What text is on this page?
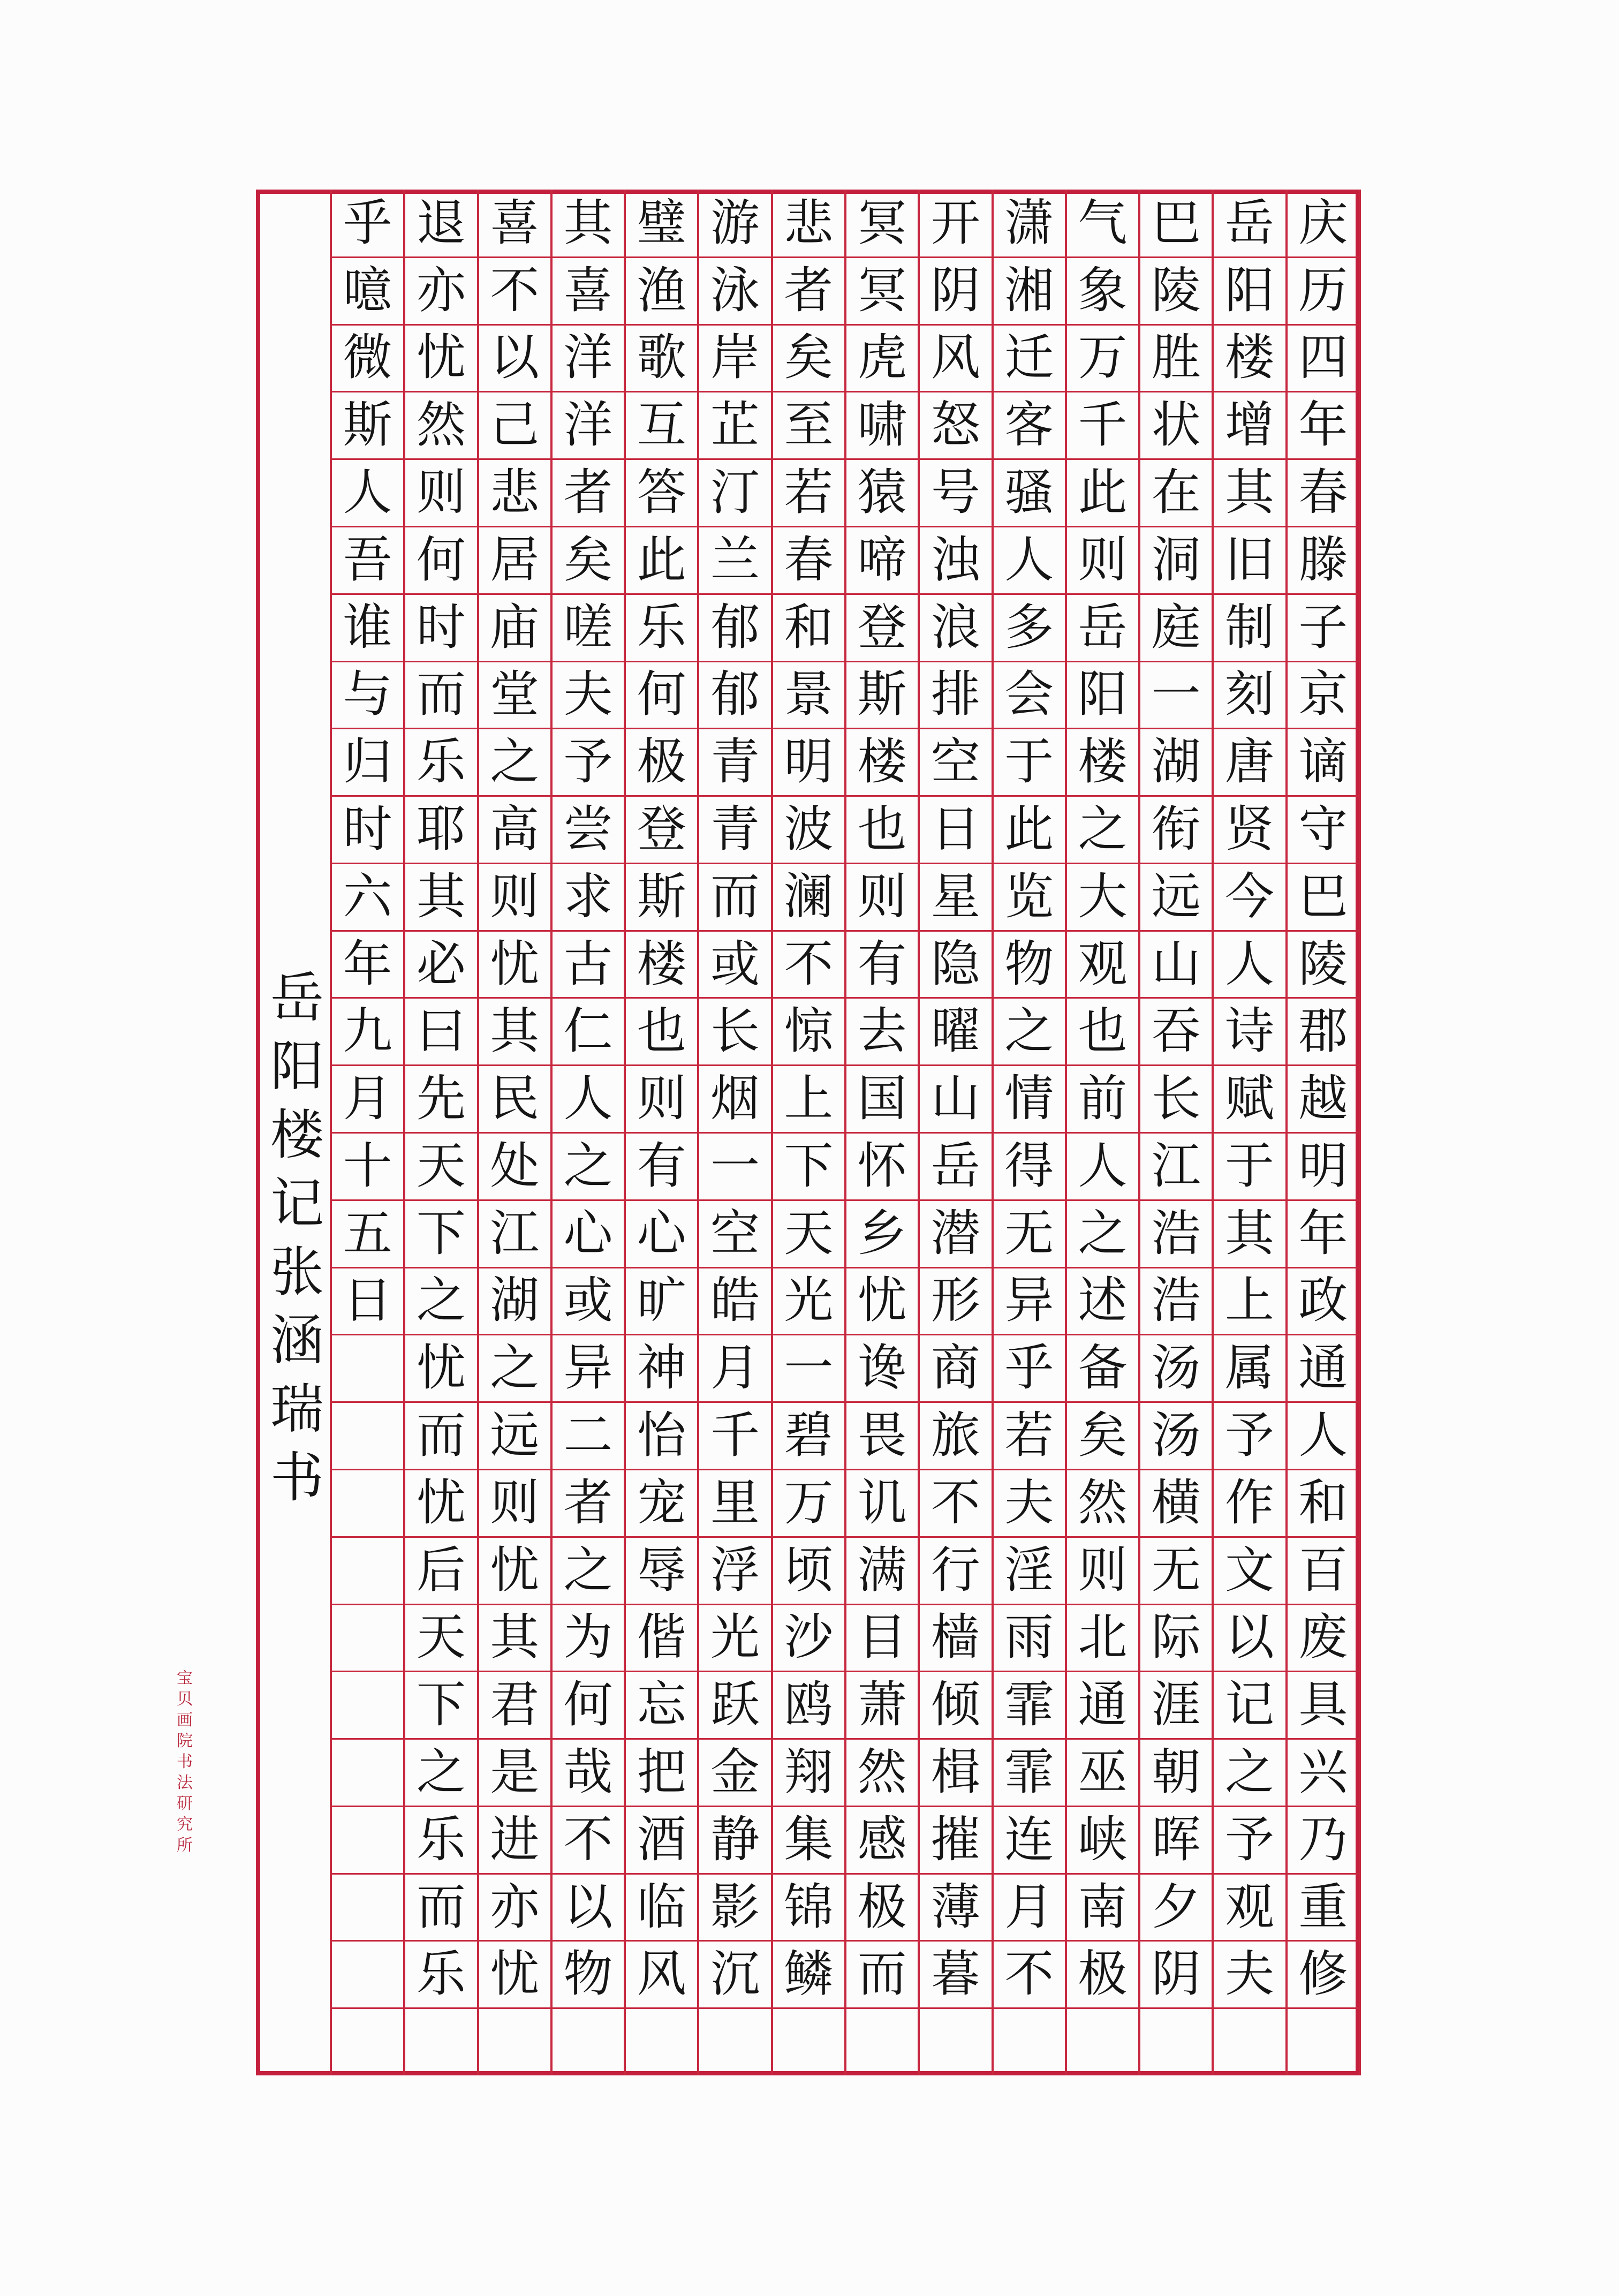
庆
历
四
年
春
滕
子
京
谪
守
巴
陵
郡
越
明
年
政
通
人
和
百
废
具
兴
乃
重
修
岳
阳
楼
增
其
旧
制
刻
唐
贤
今
人
诗
赋
于
其
上
属
予
作
文
以
记
之
予
观
夫
巴
陵
胜
状
在
洞
庭
一
湖
衔
远
山
吞
长
江
浩
浩
汤
汤
横
无
际
涯
朝
晖
夕
阴
气
象
万
千
此
则
岳
阳
楼
之
大
观
也
前
人
之
述
备
矣
然
则
北
通
巫
峡
南
极
潇
湘
迁
客
骚
人
多
会
于
此
览
物
之
情
得
无
异
乎
若
夫
淫
雨
霏
霏
连
月
不
开
阴
风
怒
号
浊
浪
排
空
日
星
隐
曜
山
岳
潜
形
商
旅
不
行
樯
倾
楫
摧
薄
暮
冥
冥
虎
啸
猿
啼
登
斯
楼
也
则
有
去
国
怀
乡
忧
谗
畏
讥
满
目
萧
然
感
极
而
悲
者
矣
至
若
春
和
景
明
波
澜
不
惊
上
下
天
光
一
碧
万
顷
沙
鸥
翔
集
锦
鳞
游
泳
岸
芷
汀
兰
郁
郁
青
青
而
或
长
烟
一
空
皓
月
千
里
浮
光
跃
金
静
影
沉
璧
渔
歌
互
答
此
乐
何
极
登
斯
楼
也
则
有
心
旷
神
怡
宠
辱
偕
忘
把
酒
临
风
其
喜
洋
洋
者
矣
嗟
夫
予
尝
求
古
仁
人
之
心
或
异
二
者
之
为
何
哉
不
以
物
喜
不
以
己
悲
居
庙
堂
之
高
则
忧
其
民
处
江
湖
之
远
则
忧
其
君
是
进
亦
忧
退
亦
忧
然
则
何
时
而
乐
耶
其
必
曰
先
天
下
之
忧
而
忧
后
天
下
之
乐
而
乐
乎
噫
微
斯
人
吾
谁
与
归
时
六
年
九
月
十
五
日
岳
阳
楼
记
张
涵
瑞
书
宝
贝
画
院
书
法
研
究
所
